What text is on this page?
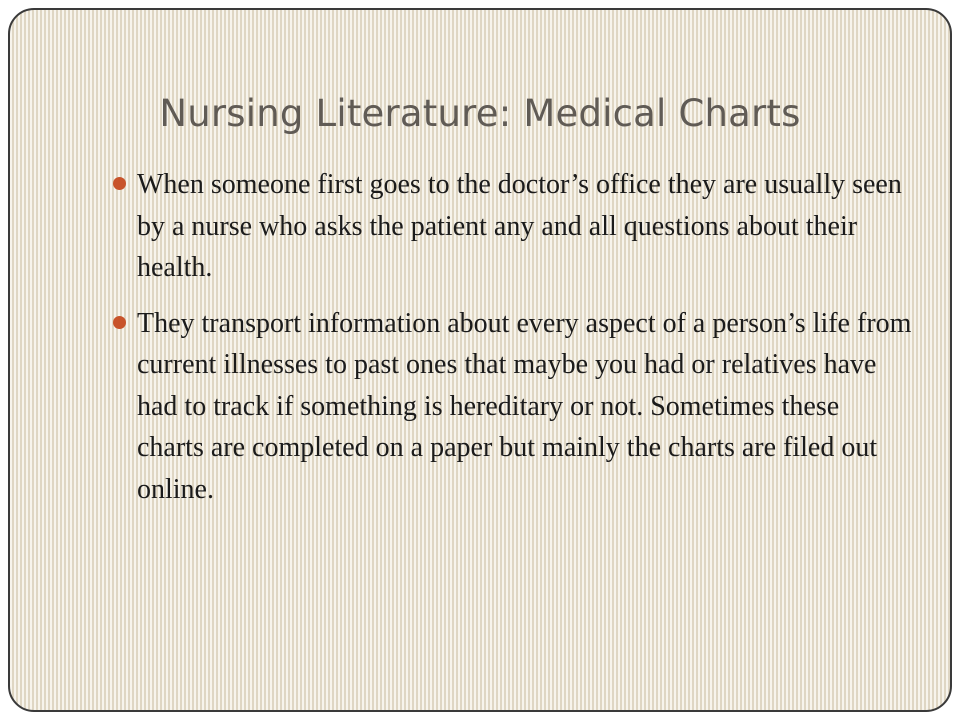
Nursing Literature: Medical Charts
When someone first goes to the doctor’s office they are usually seen by a nurse who asks the patient any and all questions about their health.
They transport information about every aspect of a person’s life from current illnesses to past ones that maybe you had or relatives have had to track if something is hereditary or not. Sometimes these charts are completed on a paper but mainly the charts are filed out online.
